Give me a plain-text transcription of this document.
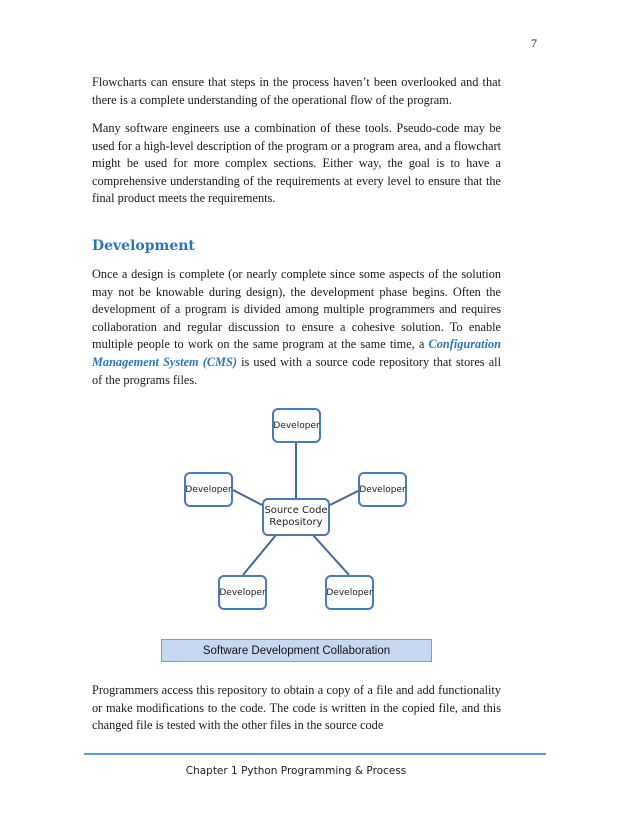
7

Flowcharts can ensure that steps in the process haven’t been overlooked and that there is a complete understanding of the operational flow of the program.

Many software engineers use a combination of these tools. Pseudo-code may be used for a high-level description of the program or a program area, and a flowchart might be used for more complex sections. Either way, the goal is to have a comprehensive understanding of the requirements at every level to ensure that the final product meets the requirements.

Development

Once a design is complete (or nearly complete since some aspects of the solution may not be knowable during design), the development phase begins. Often the development of a program is divided among multiple programmers and requires collaboration and regular discussion to ensure a cohesive solution. To enable multiple people to work on the same program at the same time, a Configuration Management System (CMS) is used with a source code repository that stores all of the programs files.

Developer
Developer	Developer
Source Code
Repository
Developer	Developer
Software Development Collaboration

Programmers access this repository to obtain a copy of a file and add functionality or make modifications to the code. The code is written in the copied file, and this changed file is tested with the other files in the source code

Chapter 1 Python Programming & Process
